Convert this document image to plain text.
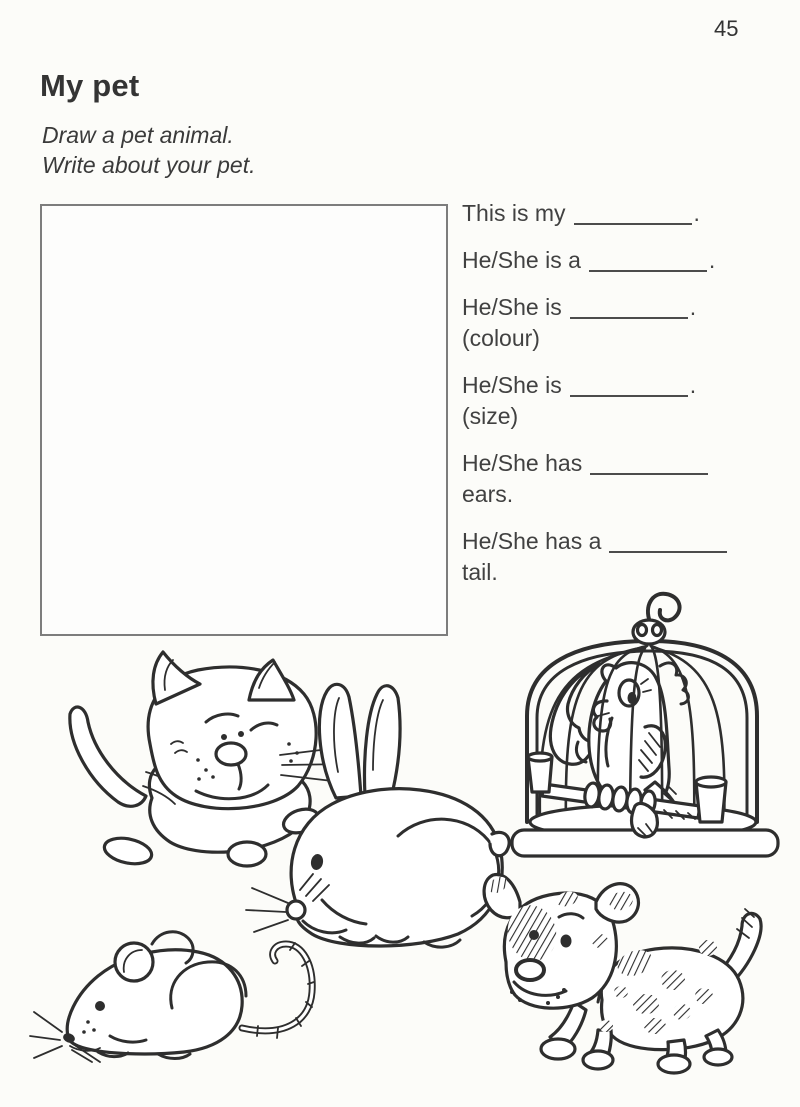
45
My pet
Draw a pet animal.
Write about your pet.
This is my	.
He/She is a	.
He/She is	.
(colour)
He/She is	.
(size)
He/She has
ears.
He/She has a
tail.
